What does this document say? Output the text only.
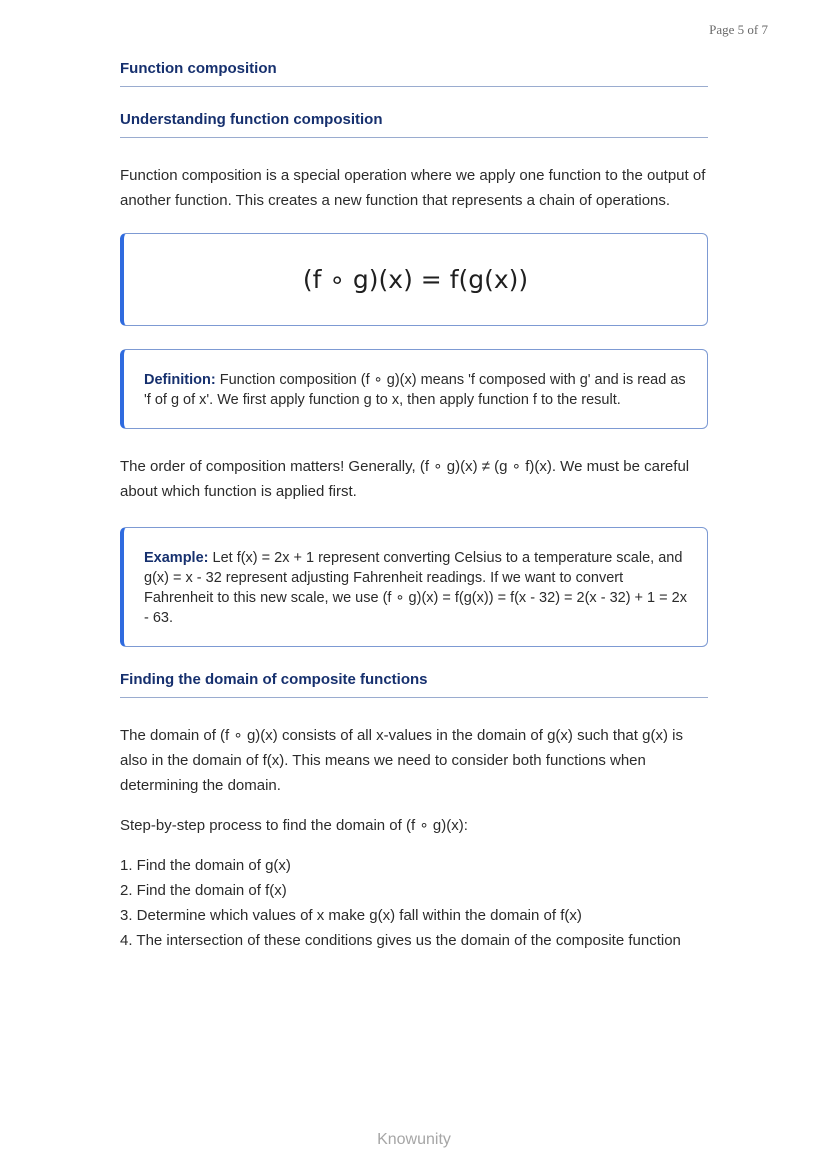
Page 5 of 7
Function composition
Understanding function composition

Function composition is a special operation where we apply one function to the output of another function. This creates a new function that represents a chain of operations.

(f ∘ g)(x) = f(g(x))
Definition: Function composition (f ∘ g)(x) means 'f composed with g' and is read as 'f of g of x'. We first apply function g to x, then apply function f to the result.

The order of composition matters! Generally, (f ∘ g)(x) ≠ (g ∘ f)(x). We must be careful about which function is applied first.

Example: Let f(x) = 2x + 1 represent converting Celsius to a temperature scale, and g(x) = x - 32 represent adjusting Fahrenheit readings. If we want to convert Fahrenheit to this new scale, we use (f ∘ g)(x) = f(g(x)) = f(x - 32) = 2(x - 32) + 1 = 2x - 63.
Finding the domain of composite functions

The domain of (f ∘ g)(x) consists of all x-values in the domain of g(x) such that g(x) is also in the domain of f(x). This means we need to consider both functions when determining the domain.

Step-by-step process to find the domain of (f ∘ g)(x):

1. Find the domain of g(x)
2. Find the domain of f(x)
3. Determine which values of x make g(x) fall within the domain of f(x)
4. The intersection of these conditions gives us the domain of the composite function
Knowunity
